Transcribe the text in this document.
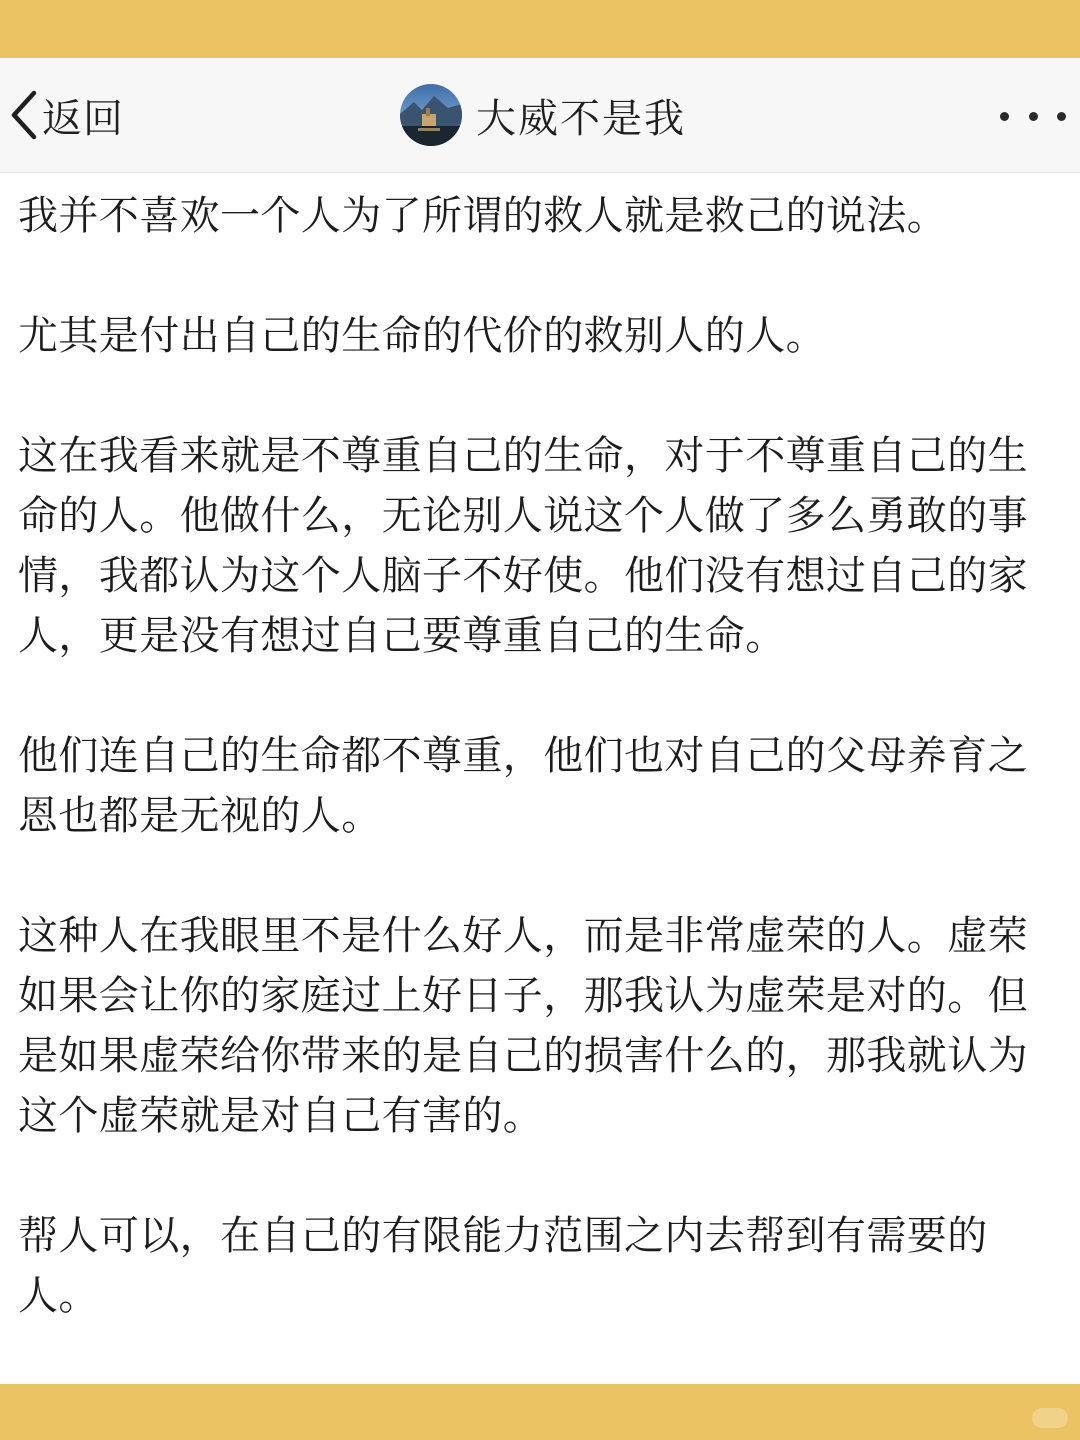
返回	大威不是我

我并不喜欢一个人为了所谓的救人就是救己的说法。

尤其是付出自己的生命的代价的救别人的人。

这在我看来就是不尊重自己的生命，对于不尊重自己的生命的人。他做什么，无论别人说这个人做了多么勇敢的事情，我都认为这个人脑子不好使。他们没有想过自己的家人，更是没有想过自己要尊重自己的生命。

他们连自己的生命都不尊重，他们也对自己的父母养育之恩也都是无视的人。

这种人在我眼里不是什么好人，而是非常虚荣的人。虚荣如果会让你的家庭过上好日子，那我认为虚荣是对的。但是如果虚荣给你带来的是自己的损害什么的，那我就认为这个虚荣就是对自己有害的。

帮人可以，在自己的有限能力范围之内去帮到有需要的人。
